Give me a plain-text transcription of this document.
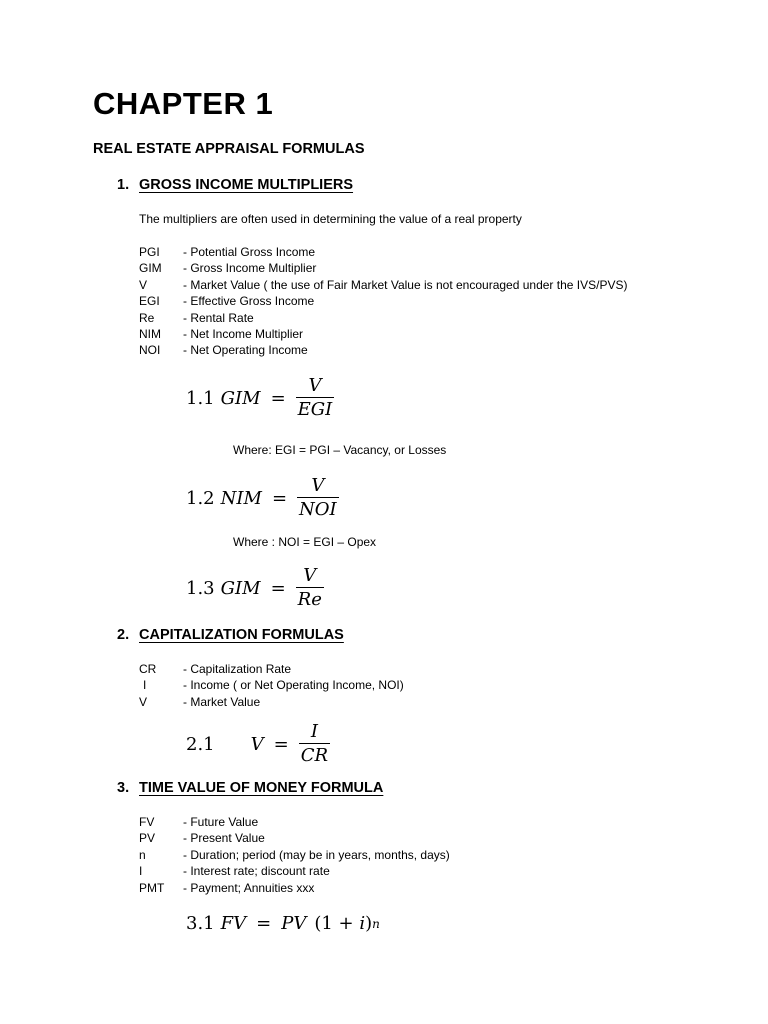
CHAPTER 1
REAL ESTATE APPRAISAL FORMULAS
1. GROSS INCOME MULTIPLIERS
The multipliers are often used in determining the value of a real property
PGI	- Potential Gross Income
GIM	- Gross Income Multiplier
V	- Market Value ( the use of Fair Market Value is not encouraged under the IVS/PVS)
EGI	- Effective Gross Income
Re	- Rental Rate
NIM	- Net Income Multiplier
NOI	- Net Operating Income
1.1 GIM = $\frac{V}{\text{EGI}}$
Where: EGI = PGI – Vacancy, or Losses
1.2 NIM = $\frac{V}{\text{NOI}}$
Where : NOI = EGI – Opex
1.3 GIM = $\frac{V}{Re}$
2. CAPITALIZATION FORMULAS
CR	- Capitalization Rate
I	- Income ( or Net Operating Income, NOI)
V	- Market Value
2.1 $V = \frac{I}{CR}$
3. TIME VALUE OF MONEY FORMULA
FV	- Future Value
PV	- Present Value
n	- Duration; period (may be in years, months, days)
I	- Interest rate; discount rate
PMT	- Payment; Annuities xxx
3.1 FV = PV (1 + i ) n
